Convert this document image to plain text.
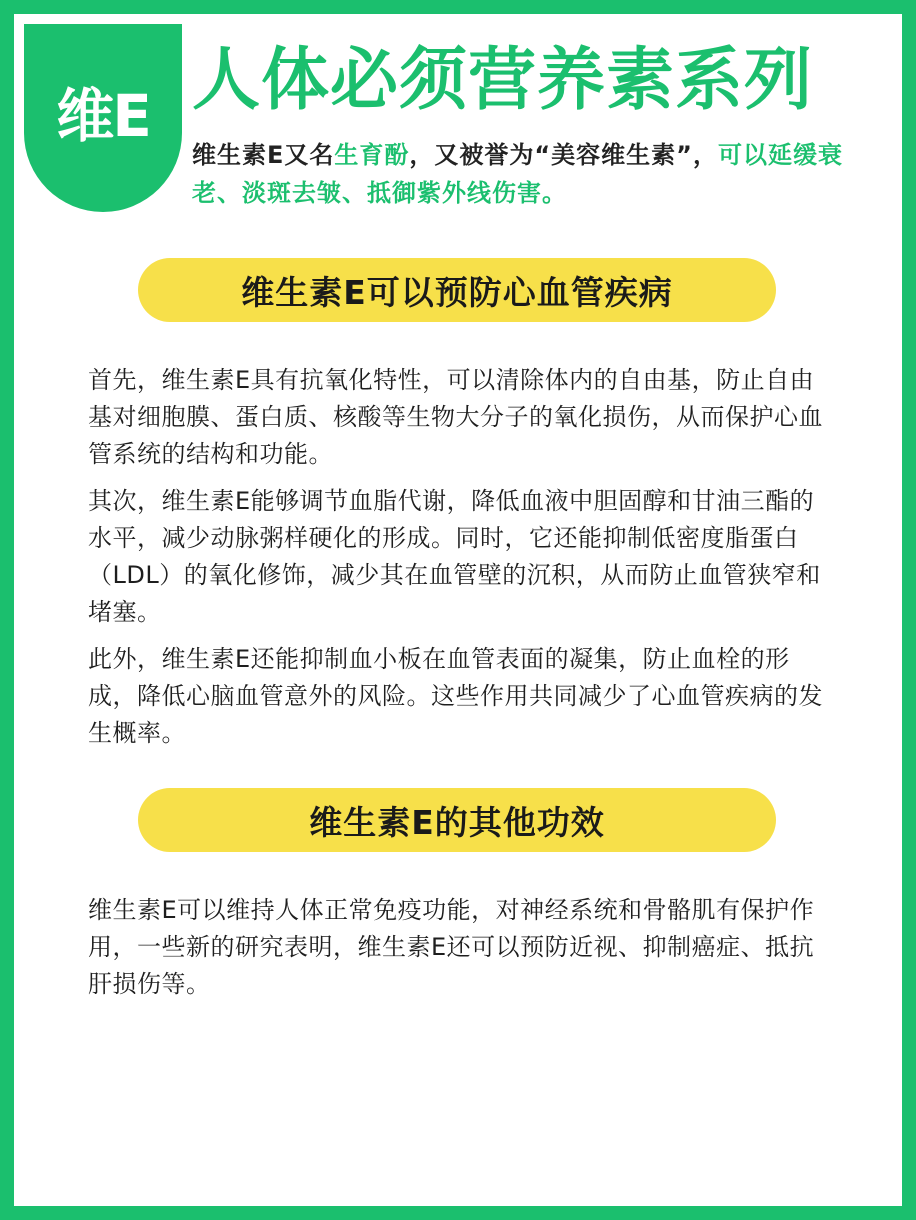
维E 人体必须营养素系列
维生素E又名生育酚，又被誉为“美容维生素”，可以延缓衰老、淡斑去皱、抵御紫外线伤害。
维生素E可以预防心血管疾病

首先，维生素E具有抗氧化特性，可以清除体内的自由基，防止自由基对细胞膜、蛋白质、核酸等生物大分子的氧化损伤，从而保护心血管系统的结构和功能。

其次，维生素E能够调节血脂代谢，降低血液中胆固醇和甘油三酯的水平，减少动脉粥样硬化的形成。同时，它还能抑制低密度脂蛋白（LDL）的氧化修饰，减少其在血管壁的沉积，从而防止血管狭窄和堵塞。

此外，维生素E还能抑制血小板在血管表面的凝集，防止血栓的形成，降低心脑血管意外的风险。这些作用共同减少了心血管疾病的发生概率。

维生素E的其他功效

维生素E可以维持人体正常免疫功能，对神经系统和骨骼肌有保护作用，一些新的研究表明，维生素E还可以预防近视、抑制癌症、抵抗肝损伤等。
